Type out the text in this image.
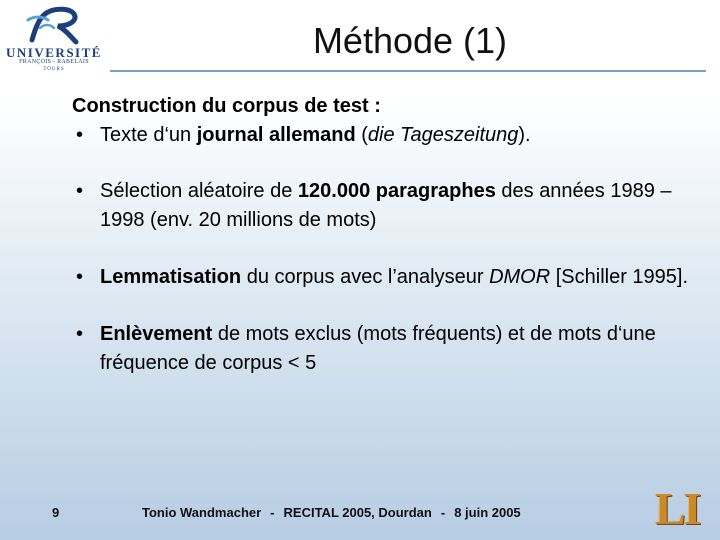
UNIVERSITÉ
FRANÇOIS - RABELAIS
TOURS
Méthode (1)
Construction du corpus de test :
• Texte d‘un journal allemand (die Tageszeitung).
• Sélection aléatoire de 120.000 paragraphes des années 1989 – 1998 (env. 20 millions de mots)
• Lemmatisation du corpus avec l’analyseur DMOR [Schiller 1995].
• Enlèvement de mots exclus (mots fréquents) et de mots d‘une fréquence de corpus < 5
9	Tonio Wandmacher - RECITAL 2005, Dourdan - 8 juin 2005	LI
